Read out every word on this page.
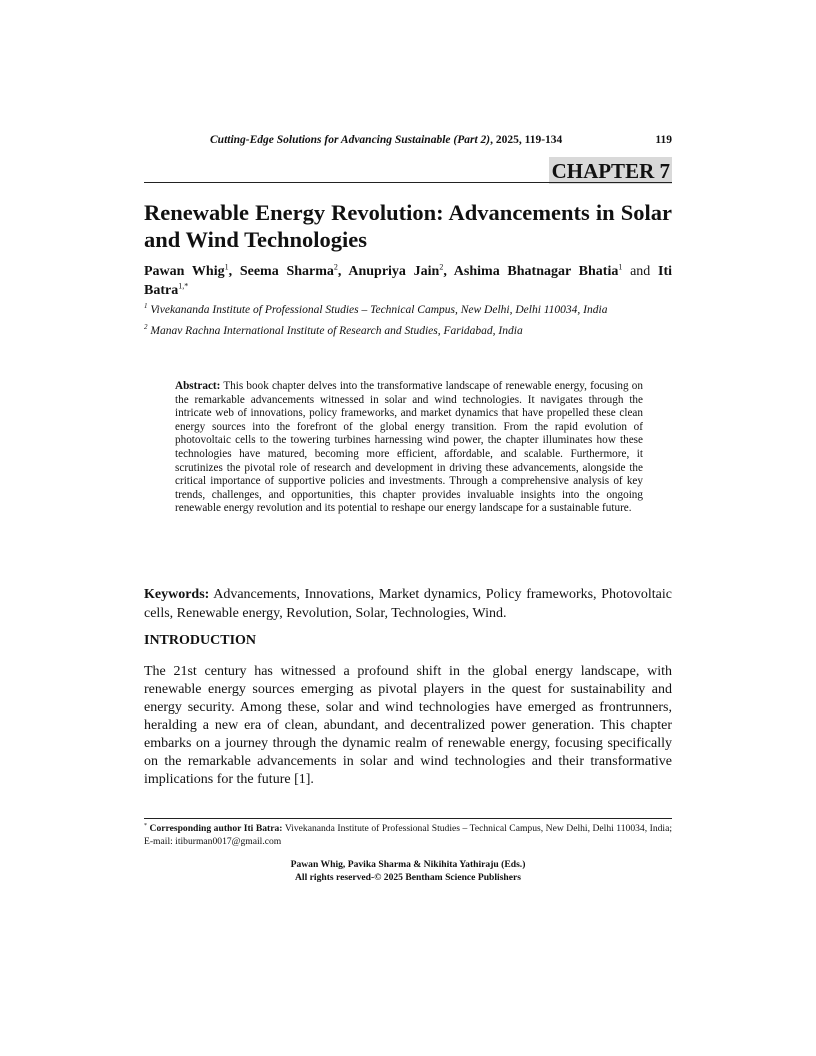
Cutting-Edge Solutions for Advancing Sustainable (Part 2), 2025, 119-134	119
CHAPTER 7
Renewable Energy Revolution: Advancements in Solar and Wind Technologies

Pawan Whig$^1$, Seema Sharma$^2$, Anupriya Jain$^2$, Ashima Bhatnagar Bhatia$^1$ and Iti Batra$^{1,*}$

$^1$ Vivekananda Institute of Professional Studies – Technical Campus, New Delhi, Delhi 110034, India

$^2$ Manav Rachna International Institute of Research and Studies, Faridabad, India

Abstract: This book chapter delves into the transformative landscape of renewable energy, focusing on the remarkable advancements witnessed in solar and wind technologies. It navigates through the intricate web of innovations, policy frameworks, and market dynamics that have propelled these clean energy sources into the forefront of the global energy transition. From the rapid evolution of photovoltaic cells to the towering turbines harnessing wind power, the chapter illuminates how these technologies have matured, becoming more efficient, affordable, and scalable. Furthermore, it scrutinizes the pivotal role of research and development in driving these advancements, alongside the critical importance of supportive policies and investments. Through a comprehensive analysis of key trends, challenges, and opportunities, this chapter provides invaluable insights into the ongoing renewable energy revolution and its potential to reshape our energy landscape for a sustainable future.

Keywords: Advancements, Innovations, Market dynamics, Policy frameworks, Photovoltaic cells, Renewable energy, Revolution, Solar, Technologies, Wind.

INTRODUCTION

The 21st century has witnessed a profound shift in the global energy landscape, with renewable energy sources emerging as pivotal players in the quest for sustainability and energy security. Among these, solar and wind technologies have emerged as frontrunners, heralding a new era of clean, abundant, and decentralized power generation. This chapter embarks on a journey through the dynamic realm of renewable energy, focusing specifically on the remarkable advancements in solar and wind technologies and their transformative implications for the future [1].

* Corresponding author Iti Batra: Vivekananda Institute of Professional Studies – Technical Campus, New Delhi, Delhi 110034, India; E-mail: itiburman0017@gmail.com

Pawan Whig, Pavika Sharma & Nikihita Yathiraju (Eds.)
All rights reserved-© 2025 Bentham Science Publishers
